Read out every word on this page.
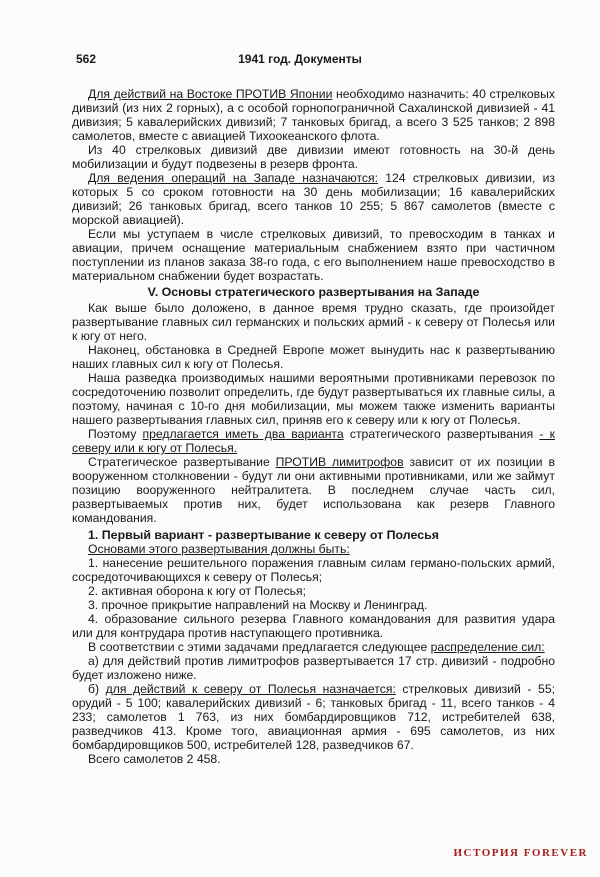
562	1941 год. Документы

Для действий на Востоке ПРОТИВ Японии необходимо назначить: 40 стрелковых дивизий (из них 2 горных), а с особой горнопограничной Сахалинской дивизией - 41 дивизия; 5 кавалерийских дивизий; 7 танковых бригад, а всего 3 525 танков; 2 898 самолетов, вместе с авиацией Тихоокеанского флота.

Из 40 стрелковых дивизий две дивизии имеют готовность на 30-й день мобилизации и будут подвезены в резерв фронта.

Для ведения операций на Западе назначаются: 124 стрелковых дивизии, из которых 5 со сроком готовности на 30 день мобилизации; 16 кавалерийских дивизий; 26 танковых бригад, всего танков 10 255; 5 867 самолетов (вместе с морской авиацией).

Если мы уступаем в числе стрелковых дивизий, то превосходим в танках и авиации, причем оснащение материальным снабжением взято при частичном поступлении из планов заказа 38-го года, с его выполнением наше превосходство в материальном снабжении будет возрастать.

V. Основы стратегического развертывания на Западе

Как выше было доложено, в данное время трудно сказать, где произойдет развертывание главных сил германских и польских армий - к северу от Полесья или к югу от него.

Наконец, обстановка в Средней Европе может вынудить нас к развертыванию наших главных сил к югу от Полесья.

Наша разведка производимых нашими вероятными противниками перевозок по сосредоточению позволит определить, где будут развертываться их главные силы, а поэтому, начиная с 10-го дня мобилизации, мы можем также изменить варианты нашего развертывания главных сил, приняв его к северу или к югу от Полесья.

Поэтому предлагается иметь два варианта стратегического развертывания - к северу или к югу от Полесья.

Стратегическое развертывание ПРОТИВ лимитрофов зависит от их позиции в вооруженном столкновении - будут ли они активными противниками, или же займут позицию вооруженного нейтралитета. В последнем случае часть сил, развертываемых против них, будет использована как резерв Главного командования.

1. Первый вариант - развертывание к северу от Полесья

Основами этого развертывания должны быть:

1. нанесение решительного поражения главным силам германо-польских армий, сосредоточивающихся к северу от Полесья;

2. активная оборона к югу от Полесья;

3. прочное прикрытие направлений на Москву и Ленинград.

4. образование сильного резерва Главного командования для развития удара или для контрудара против наступающего противника.

В соответствии с этими задачами предлагается следующее распределение сил:

а) для действий против лимитрофов развертывается 17 стр. дивизий - подробно будет изложено ниже.

б) для действий к северу от Полесья назначается: стрелковых дивизий - 55; орудий - 5 100; кавалерийских дивизий - 6; танковых бригад - 11, всего танков - 4 233; самолетов 1 763, из них бомбардировщиков 712, истребителей 638, разведчиков 413. Кроме того, авиационная армия - 695 самолетов, из них бомбардировщиков 500, истребителей 128, разведчиков 67.

Всего самолетов 2 458.

ИСТОРИЯ FOREVER
